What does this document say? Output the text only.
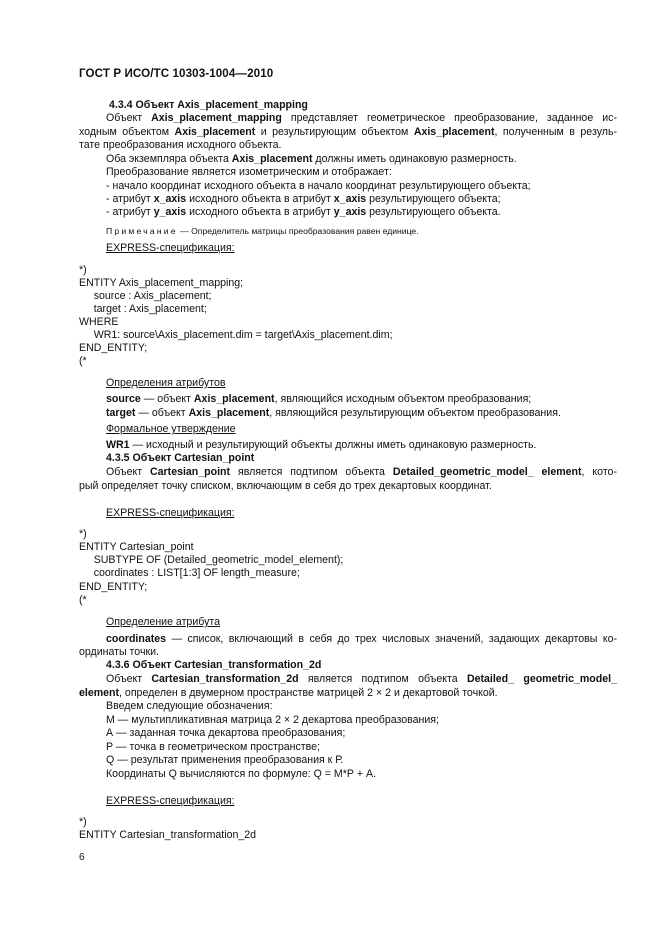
ГОСТ Р ИСО/ТС 10303-1004—2010
4.3.4 Объект Axis_placement_mapping
Объект Axis_placement_mapping представляет геометрическое преобразование, заданное ис-
ходным объектом Axis_placement и результирующим объектом Axis_placement, полученным в резуль-
тате преобразования исходного объекта.
Оба экземпляра объекта Axis_placement должны иметь одинаковую размерность.
Преобразование является изометрическим и отображает:
- начало координат исходного объекта в начало координат результирующего объекта;
- атрибут x_axis исходного объекта в атрибут x_axis результирующего объекта;
- атрибут y_axis исходного объекта в атрибут y_axis результирующего объекта.
Примечание — Определитель матрицы преобразования равен единице.
EXPRESS-спецификация:
*)
ENTITY Axis_placement_mapping;
source : Axis_placement;
target : Axis_placement;
WHERE
WR1: source\Axis_placement.dim = target\Axis_placement.dim;
END_ENTITY;
(*
Определения атрибутов
source — объект Axis_placement, являющийся исходным объектом преобразования;
target — объект Axis_placement, являющийся результирующим объектом преобразования.
Формальное утверждение
WR1 — исходный и результирующий объекты должны иметь одинаковую размерность.
4.3.5 Объект Cartesian_point
Объект Cartesian_point является подтипом объекта Detailed_geometric_model_ element, кото-
рый определяет точку списком, включающим в себя до трех декартовых координат.
EXPRESS-спецификация:
*)
ENTITY Cartesian_point
SUBTYPE OF (Detailed_geometric_model_element);
coordinates : LIST[1:3] OF length_measure;
END_ENTITY;
(*
Определение атрибута
coordinates — список, включающий в себя до трех числовых значений, задающих декартовы ко-
ординаты точки.
4.3.6 Объект Cartesian_transformation_2d
Объект Cartesian_transformation_2d является подтипом объекта Detailed_ geometric_model_
element, определен в двумерном пространстве матрицей 2 × 2 и декартовой точкой.
Введем следующие обозначения:
М — мультипликативная матрица 2 × 2 декартова преобразования;
А — заданная точка декартова преобразования;
Р — точка в геометрическом пространстве;
Q — результат применения преобразования к Р.
Координаты Q вычисляются по формуле: Q = М*Р + А.
EXPRESS-спецификация:
*)
ENTITY Cartesian_transformation_2d
6
